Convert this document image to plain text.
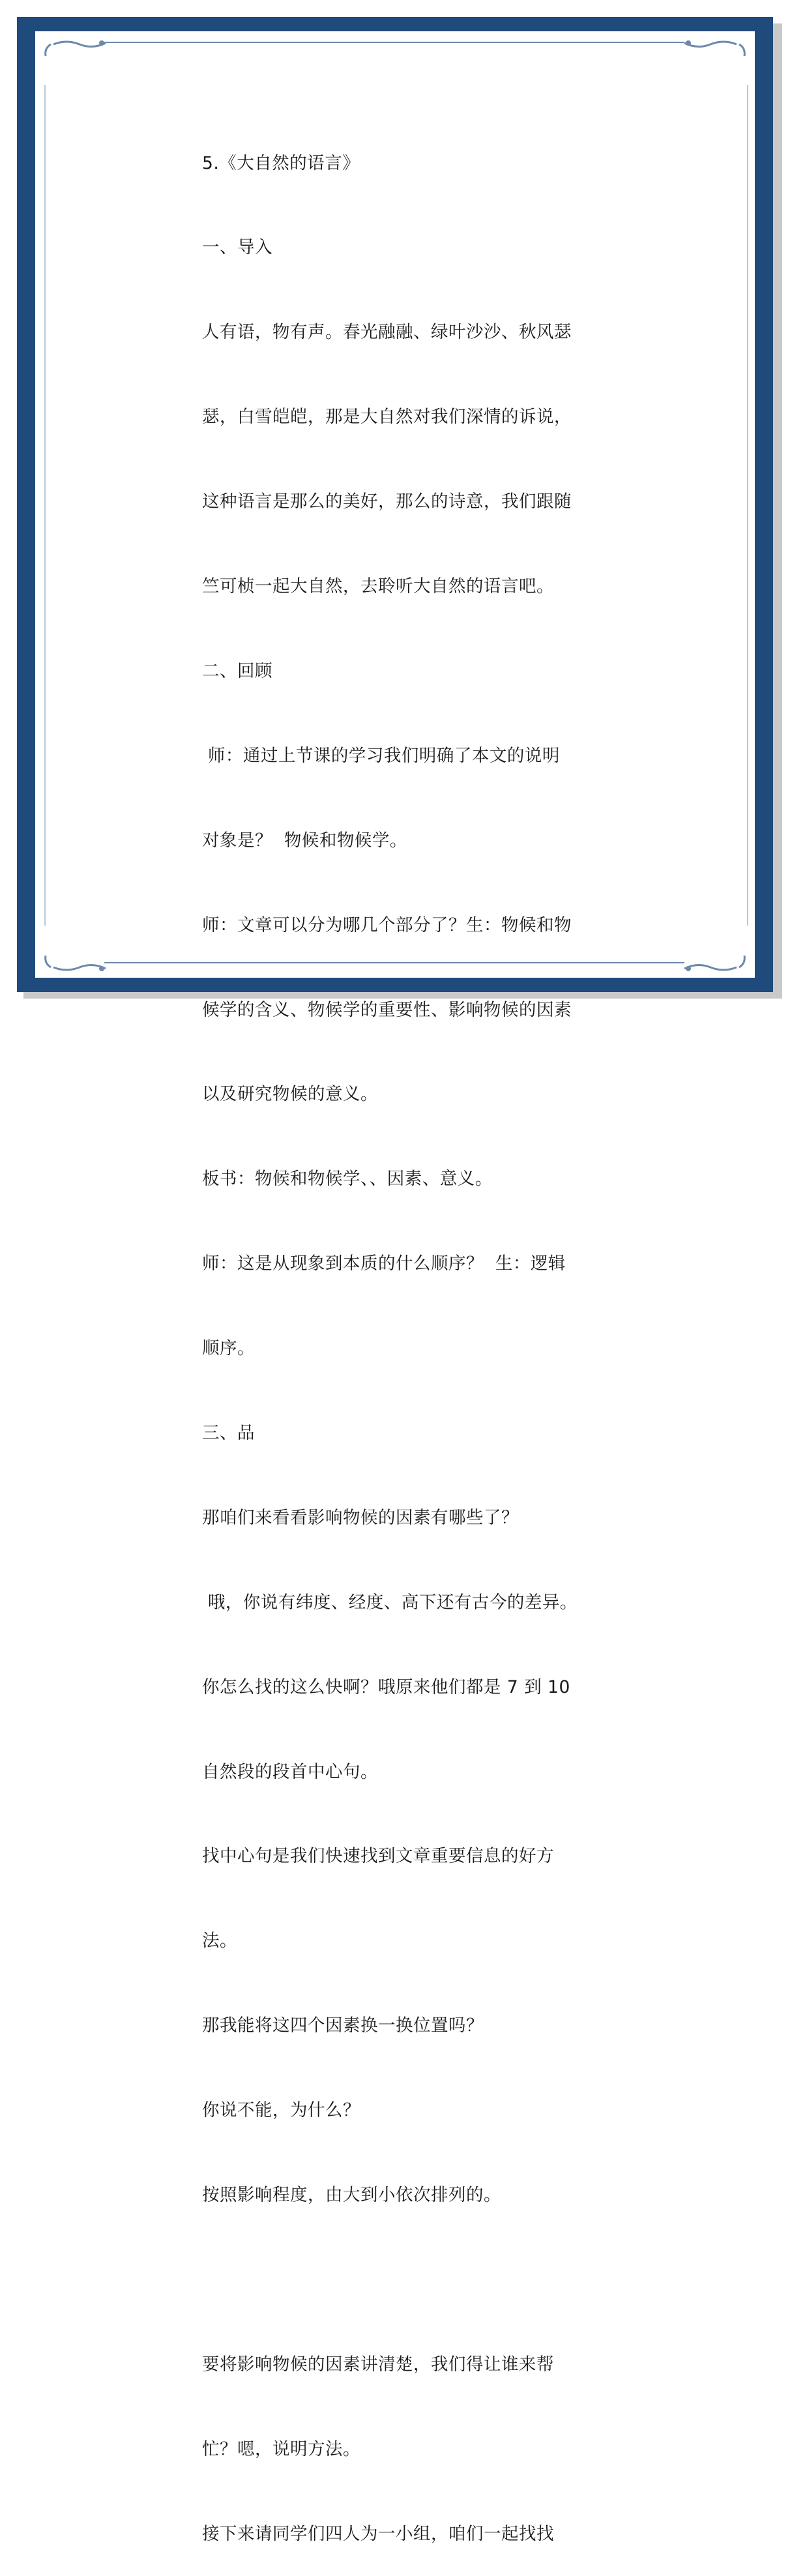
5.《大自然的语言》

一、导入

人有语，物有声。春光融融、绿叶沙沙、秋风瑟

瑟，白雪皑皑，那是大自然对我们深情的诉说，

这种语言是那么的美好，那么的诗意，我们跟随

竺可桢一起大自然，去聆听大自然的语言吧。

二、回顾

师：通过上节课的学习我们明确了本文的说明

对象是？  物候和物候学。

师：文章可以分为哪几个部分了？生：物候和物

候学的含义、物候学的重要性、影响物候的因素

以及研究物候的意义。

板书：物候和物候学、、因素、意义。

师：这是从现象到本质的什么顺序？  生：逻辑

顺序。

三、品

那咱们来看看影响物候的因素有哪些了？

哦，你说有纬度、经度、高下还有古今的差异。

你怎么找的这么快啊？哦原来他们都是 7 到 10

自然段的段首中心句。

找中心句是我们快速找到文章重要信息的好方

法。

那我能将这四个因素换一换位置吗？

你说不能，为什么？

按照影响程度，由大到小依次排列的。

要将影响物候的因素讲清楚，我们得让谁来帮

忙？嗯，说明方法。

接下来请同学们四人为一小组，咱们一起找找
